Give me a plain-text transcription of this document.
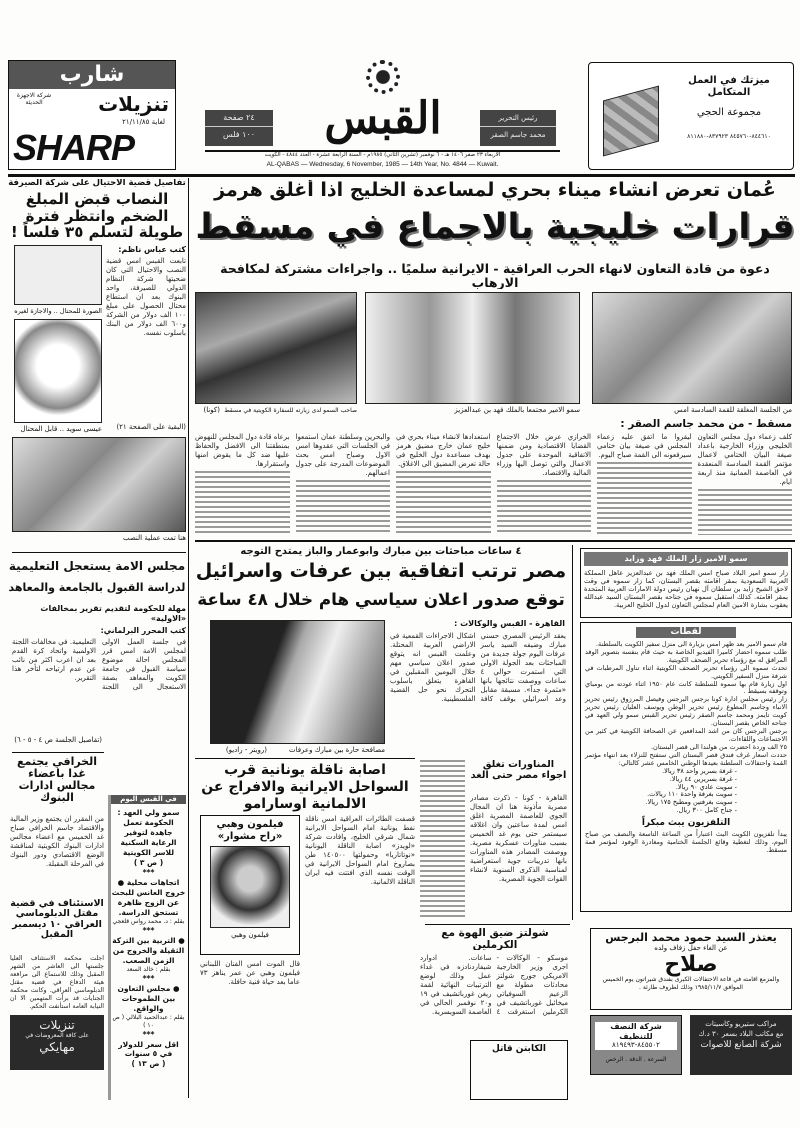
شارب
تنزيلات
لغاية ٢١/١١/٨٥
شركة الاجهزة الحديثة
SHARP
٢٤ صفحة
١٠٠ فلس	القبس	رئيس التحرير
محمد جاسم الصقر
الاربعاء ٢٣ صفر ١٤٠٦ هـ - ٦ نوفمبر (تشرين الثاني) ١٩٨٥م - السنة الرابعة عشرة - العدد ٤٨٤٤ - الكويت
AL-QABAS — Wednesday, 6 November, 1985 — 14th Year, No. 4844 — Kuwait.
ميزتك في العمل المتكامل
مجموعة الحجي
٨٤٤٦١٠-٨٤٥٧٦٠ ٨٣٧٩٢٣-٨١١٨٨٠
تفاصيل قضية الاحتيال على شركة الصيرفة
النصاب قبض المبلغ الضخم وانتظر فترة طويلة لتسلم ٣٥ فلساً !
الصورة للمحتال .. والاجازة لغيره
عيسى سويد .. قابل المحتال
كتب عباس ناظم:
تابعت القبس امس قضية النصب والاحتيال التي كان ضحيتها شركة النظام الدولي للصيرفة، واحد البنوك بعد ان استطاع محتال الحصول على مبلغ ١٠٠ الف دولار من الشركة و٦٠٠ الف دولار من البنك باسلوب نفسه.
(البقية على الصفحة ٢١)
هنا تمت عملية النصب
مجلس الامة يستعجل التعليمية
لدراسة القبول بالجامعة والمعاهد
مهلة للحكومة لتقديم تقرير بمخالفات «الاولية»
كتب المحرر البرلماني:
في جلسة العمل الاولى لمجلس الامة امس قرر المجلس احالة موضوع سياسة القبول في جامعة الكويت والمعاهد بصفة الاستعجال الى اللجنة التعليمية. في مخالفات اللجنة الاولمبية واتحاد كرة القدم بعد ان اعرب اكثر من نائب عن عدم ارتياحه لتأخر هذا التقرير.
(تفاصيل الجلسة ص ٤ - ٥ - ٦)
الخرافي يجتمع غدا باعضاء مجالس ادارات البنوك
من المقرر ان يجتمع وزير المالية والاقتصاد جاسم الخرافي صباح غد الخميس مع اعضاء مجالس ادارات البنوك الكويتية لمناقشة الوضع الاقتصادي ودور البنوك في المرحلة المقبلة.
الاستئناف في قضية مقتل الدبلوماسي العراقي ١٠ ديسمبر المقبل
اجلت محكمة الاستئناف العليا جلستها الى العاشر من الشهر المقبل وذلك للاستماع الى مرافعة هيئة الدفاع في قضية مقتل الدبلوماسي العراقي. وكانت محكمة الجنايات قد برأت المتهمين الا ان النيابة العامة استأنفت الحكم.
تنزيلات
على كافة المعروضات في
مهايكي
في القبس اليوم
سمو ولي العهد : الحكومة تعمل جاهدة لتوفير الرعاية السكنية للاسر الكويتية
( ص ٣ )
***
اتجاهات محلية ● خروج العانس للبحث عن الزوج ظاهرة تستحق الدراسة.
بقلم : د. محمد رواس قلعجي
***
● التربية بين التركة الثقيلة والخروج من الزمن الصعب.
بقلم : خالد السعد
***
● مجلس التعاون بين الطموحات والواقع.
بقلم : عبدالحميد البلالي ( ص ١٠ )
***
اقل سعر للدولار في ٥ سنوات
( ص ١٣ )
عُمان تعرض انشاء ميناء بحري لمساعدة الخليج اذا أغلق هرمز
قرارات خليجية بالاجماع في مسقط
دعوة من قادة التعاون لانهاء الحرب العراقية - الايرانية سلميًا .. واجراءات مشتركة لمكافحة الارهاب
من الجلسة المغلقة للقمة السادسة امس
سمو الامير مجتمعا بالملك فهد بن عبدالعزيز
صاحب السمو لدى زيارته للسفارة الكويتية في مسقط
(كونا)
مسقط - من محمد جاسم الصقر :

كلف زعماء دول مجلس التعاون الخليجي وزراء الخارجية باعداد صيغة البيان الختامي لاعمال مؤتمر القمة السادسة المنعقدة في العاصمة العمانية منذ اربعة ايام.

ليقروا ما اتفق عليه زعماء المجلس في صيغة بيان ختامي سيرفعونه الى القمة صباح اليوم.

الخرازي عرض خلال الاجتماع القضايا الاقتصادية ومن ضمنها الاتفاقية الموحدة على جدول الاعمال والتي توصل اليها وزراء المالية والاقتصاد.

استعدادها لانشاء ميناء بحري في خليج عمان خارج مضيق هرمز بهدف مساعدة دول الخليج في حالة تعرض المضيق الى الاغلاق.

والبحرين وسلطنة عمان استمعوا في الجلسات التي عقدوها امس الاول وصباح امس بحث الموضوعات المدرجة على جدول اعمالهم.

برعاه قادة دول المجلس للنهوض بمنطقتنا الى الافضل والحفاظ عليها ضد كل ما يقوض امنها واستقرارها.

سمو الامير زار الملك فهد وزايد
زار سمو امير البلاد صباح امس الملك فهد بن عبدالعزيز عاهل المملكة العربية السعودية بمقر اقامته بقصر البستان، كما زار سموه في وقت لاحق الشيخ زايد بن سلطان آل نهيان رئيس دولة الامارات العربية المتحدة بمقر اقامته. كذلك استقبل سموه في جناحه بقصر البستان السيد عبدالله يعقوب بشارة الامين العام لمجلس التعاون لدول الخليج العربية.
٤ ساعات مباحثات بين مبارك وأبوعمار والباز يمتدح التوجه
مصر ترتب اتفاقية بين عرفات واسرائيل
توقع صدور اعلان سياسي هام خلال ٤٨ ساعة
القاهرة - القبس والوكالات :
مصافحة حارة بين مبارك وعرفات
(رويتر - راديو)
يعقد الرئيس المصري حسني مبارك وضيفه السيد ياسر عرفات اليوم جولة جديدة من المباحثات بعد الجولة الاولى التي استمرت حوالي ٤ ساعات ووصفت نتائجها بانها «مثمرة جداً». مسبقة مقابل وعد اسرائيلي بوقف كافة اشكال الاجراءات القمعية في الاراضي العربية المحتلة. وعلمت القبس انه يتوقع صدور اعلان سياسي مهم خلال اليومين المقبلين في القاهرة يتعلق باسلوب التحرك نحو حل القضية الفلسطينية.
المناورات تغلق اجواء مصر حتى الغد
القاهرة - كونا - ذكرت مصادر مصرية مأذونة هنا ان المجال الجوي للعاصمة المصرية اغلق امس لمدة ساعتين وان اغلاقه سيستمر حتى يوم غد الخميس بسبب مناورات عسكرية مصرية. ووصفت المصادر هذه المناورات بانها تدريبات جوية استعراضية لمناسبة الذكرى السنوية لانشاء القوات الجوية المصرية.
اصابة ناقلة يونانية قرب السواحل الايرانية والافراج عن الالمانية اوسارامو
قصفت الطائرات العراقية امس ناقلة نفط يونانية امام السواحل الايرانية شمال شرقي الخليج، وافادت شركة «لويدز» اصابة الناقلة اليونانية «نوتاتاريا» وحمولتها ١٤٠٥٠٠ طن بصاروخ امام السواحل الايرانية في الوقت نفسه الذي افتتت فيه ايران الناقلة الالمانية.
فيلمون وهبي «راح مشوار»
فيلمون وهبي
قال الموت امس الفنان اللبناني فيلمون وهبي عن عمر يناهز ٧٣ عاما بعد حياة فنية حافلة.
شولتز ضيق الهوة مع الكرملين
موسكو - الوكالات - اجرى وزير الخارجية الامريكي جورج شولتز محادثات مطولة مع الزعيم السوفياتي ميخائيل غورباتشيف في الكرملين استغرقت ٤ ساعات. ادوارد شيفاردنادزه في غداء عمل وذلك لوضع الترتيبات النهائية لقمة ريغن غورباتشيف في ١٩ و٢٠ نوفمبر الحالي في العاصمة السويسرية.
الكابتن قاتل
لقطات

قام سمو الامير بعد ظهر امس بزيارة الى منزل سفير الكويت بالسلطنة.

طلب سموه احضار كاميرا الفيديو الخاصة به حيث قام بنفسه بتصوير الوفد المرافق له مع رؤساء تحرير الصحف الكويتية.

تحدث سموه الى رؤساء تحرير الصحف الكويتية اثناء تناول المرطبات في شرفة منزل السفير الكويتي.

اول زيارة قام بها سموه للسلطنة كانت عام ١٩٥٠ اثناء عودته من بومباي وتوقفه بسيقط .

زار رئيس مجلس ادارة كونا برجس البرجس وفيصل المرزوق رئيس تحرير الانباء وجاسم المطوع رئيس تحرير الوطن ويوسف العليان رئيس تحرير كويت تايمز ومحمد جاسم الصقر رئيس تحرير القبس سمو ولي العهد في جناحه الخاص بقصر البستان.

برجس البرجس كان من اشد المدافعين عن الصحافة الكويتية في كثير من الاجتماعات واللقاءات.

٢٥ الف وردة احضرت من هولندا الى قصر البستان.

حددت اسعار غرف فندق قصر البستان التي ستفتح للنزلاء بعد انتهاء مؤتمر القمة واحتفالات السلطنة بعيدها الوطني الخامس عشر كالتالي:

- غرفة بسرير واحد ٣٨ ريالا.
- غرفة بسريرين ٤٤ ريالا.
- سويت عادي ٩٠ ريالا.
- سويت بغرفة واحدة ١١٠ ريالات.
- سويت بغرفتين ومطبخ ١٧٥ ريالا.
- جناح كامل ٣٠٠ ريال.
التلفزيون يبث مبكراً
يبدأ تلفزيون الكويت البث اعتباراً من الساعة التاسعة والنصف من صباح اليوم، وذلك لتغطية وقائع الجلسة الختامية ومغادرة الوفود لمؤتمر قمة مسقط.
يعتذر السيد حمود محمد البرجس
عن الغاء حفل زفاف ولده
صلاح
والمزمع اقامته في قاعة الاحتفالات الكبرى بفندق شيراتون يوم الخميس الموافق ١٩٨٥/١١/٧ وذلك لظروف طارئة .
شركة النصف للتنظيف
٨٤٥٥٠٢-٨١٩٤٩٣
السرعة . الدقة . الرخص
مراكب ستيريو وكاسيتات
مع مكاتب البلاد بسعر ٣٠ د.ك
شركة الصانع للاصوات
